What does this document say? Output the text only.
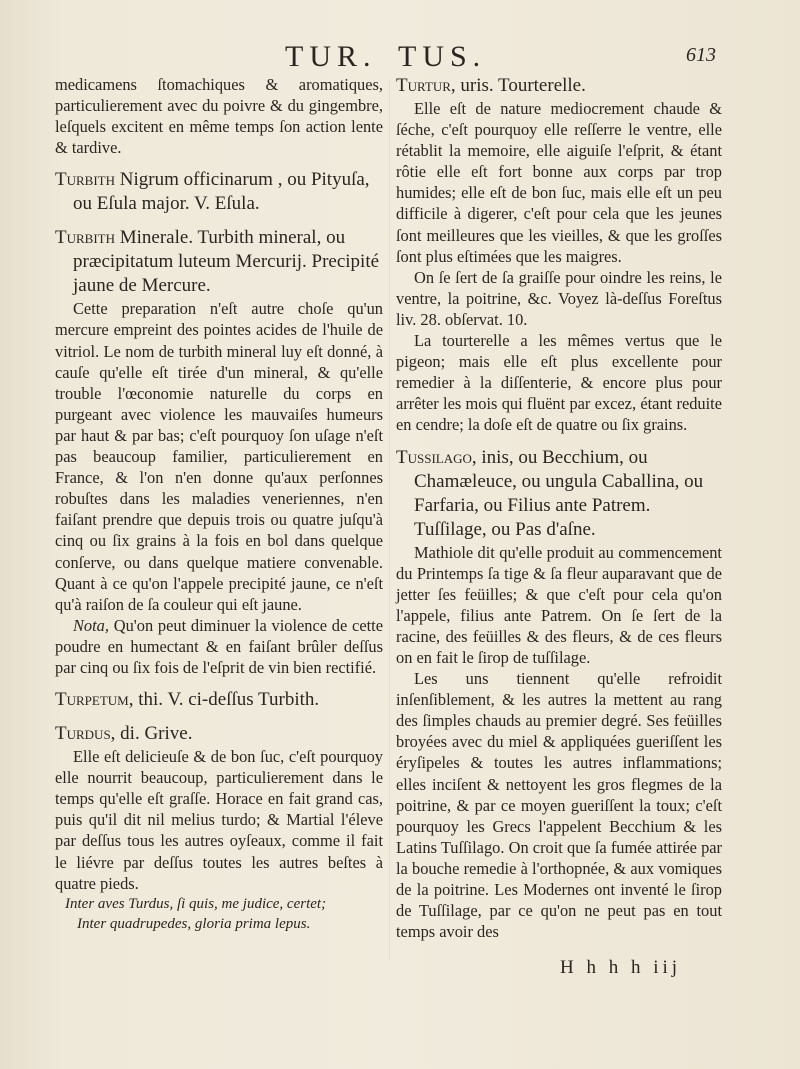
TUR. TUS.	613

medicamens ſtomachiques & aromatiques, particulierement avec du poivre & du gingembre, leſquels excitent en même temps ſon action lente & tardive.

Turbith Nigrum officinarum , ou Pityuſa, ou Eſula major. V. Eſula.

Turbith Minerale. Turbith mineral, ou præcipitatum luteum Mercurij. Precipité jaune de Mercure.

Cette preparation n'eſt autre choſe qu'un mercure empreint des pointes acides de l'huile de vitriol. Le nom de turbith mineral luy eſt donné, à cauſe qu'elle eſt tirée d'un mineral, & qu'elle trouble l'œconomie naturelle du corps en purgeant avec violence les mauvaiſes humeurs par haut & par bas; c'eſt pourquoy ſon uſage n'eſt pas beaucoup familier, particulierement en France, & l'on n'en donne qu'aux perſonnes robuſtes dans les maladies veneriennes, n'en faiſant prendre que depuis trois ou quatre juſqu'à cinq ou ſix grains à la fois en bol dans quelque conſerve, ou dans quelque matiere convenable. Quant à ce qu'on l'appele precipité jaune, ce n'eſt qu'à raiſon de ſa couleur qui eſt jaune.

Nota, Qu'on peut diminuer la violence de cette poudre en humectant & en faiſant brûler deſſus par cinq ou ſix fois de l'eſprit de vin bien rectifié.

Turpetum, thi. V. ci-deſſus Turbith.

Turdus, di. Grive.

Elle eſt delicieuſe & de bon ſuc, c'eſt pourquoy elle nourrit beaucoup, particulierement dans le temps qu'elle eſt graſſe. Horace en fait grand cas, puis qu'il dit nil melius turdo; & Martial l'éleve par deſſus tous les autres oyſeaux, comme il fait le liévre par deſſus toutes les autres beſtes à quatre pieds.

Inter aves Turdus, ſi quis, me judice, certet;

Inter quadrupedes, gloria prima lepus.

Turtur, uris. Tourterelle.

Elle eſt de nature mediocrement chaude & ſéche, c'eſt pourquoy elle reſſerre le ventre, elle rétablit la memoire, elle aiguiſe l'eſprit, & étant rôtie elle eſt fort bonne aux corps par trop humides; elle eſt de bon ſuc, mais elle eſt un peu difficile à digerer, c'eſt pour cela que les jeunes ſont meilleures que les vieilles, & que les groſſes ſont plus eſtimées que les maigres.

On ſe ſert de ſa graiſſe pour oindre les reins, le ventre, la poitrine, &c. Voyez là-deſſus Foreſtus liv. 28. obſervat. 10.

La tourterelle a les mêmes vertus que le pigeon; mais elle eſt plus excellente pour remedier à la diſſenterie, & encore plus pour arrêter les mois qui fluënt par excez, étant reduite en cendre; la doſe eſt de quatre ou ſix grains.

Tussilago, inis, ou Becchium, ou Chamæleuce, ou ungula Caballina, ou Farfaria, ou Filius ante Patrem. Tuſſilage, ou Pas d'aſne.

Mathiole dit qu'elle produit au commencement du Printemps ſa tige & ſa fleur auparavant que de jetter ſes feüilles; & que c'eſt pour cela qu'on l'appele, filius ante Patrem. On ſe ſert de la racine, des feüilles & des fleurs, & de ces fleurs on en fait le ſirop de tuſſilage.

Les uns tiennent qu'elle refroidit inſenſiblement, & les autres la mettent au rang des ſimples chauds au premier degré. Ses feüilles broyées avec du miel & appliquées gueriſſent les éryſipeles & toutes les autres inflammations; elles inciſent & nettoyent les gros flegmes de la poitrine, & par ce moyen gueriſſent la toux; c'eſt pourquoy les Grecs l'appelent Becchium & les Latins Tuſſilago. On croit que ſa fumée attirée par la bouche remedie à l'orthopnée, & aux vomiques de la poitrine. Les Modernes ont inventé le ſirop de Tuſſilage, par ce qu'on ne peut pas en tout temps avoir des

H h h h iij
